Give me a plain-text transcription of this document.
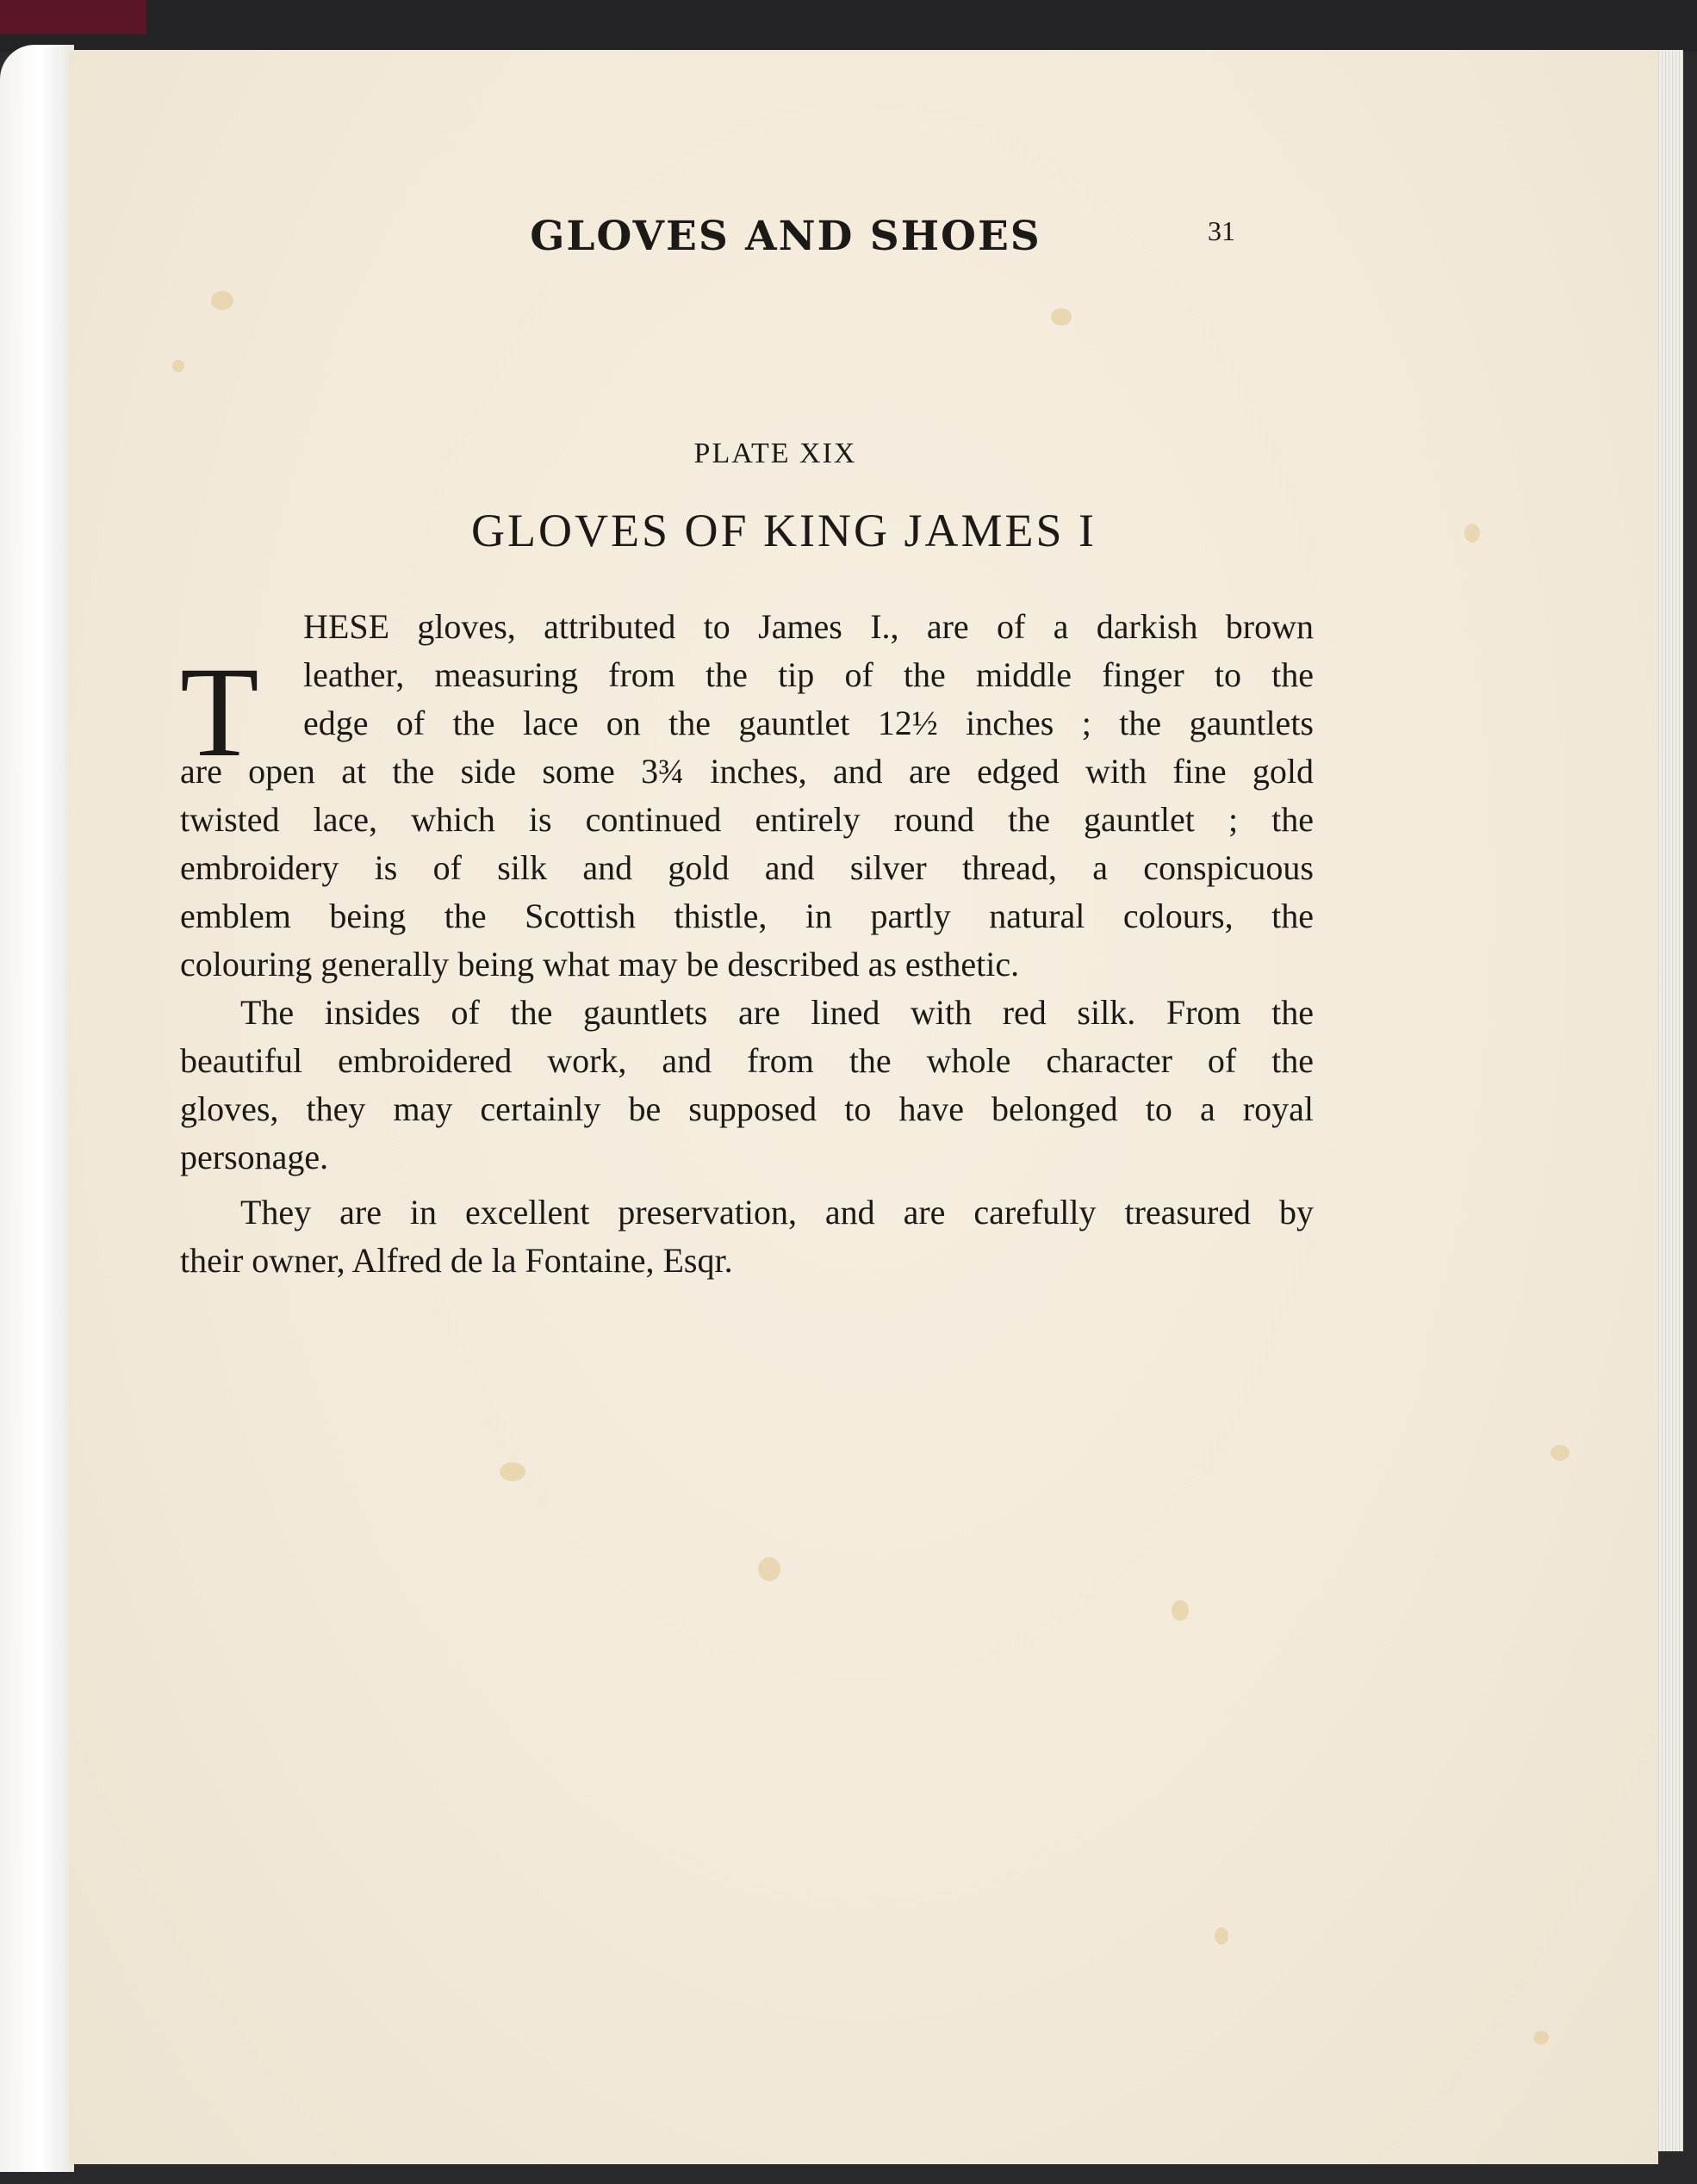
GLOVES AND SHOES	31
PLATE XIX
GLOVES OF KING JAMES I
T
HESE gloves, attributed to James I., are of a darkish brown
leather, measuring from the tip of the middle finger to the
edge of the lace on the gauntlet 12½ inches ; the gauntlets
are open at the side some 3¾ inches, and are edged with fine gold
twisted lace, which is continued entirely round the gauntlet ; the
embroidery is of silk and gold and silver thread, a conspicuous
emblem being the Scottish thistle, in partly natural colours, the
colouring generally being what may be described as esthetic.
The insides of the gauntlets are lined with red silk. From the
beautiful embroidered work, and from the whole character of the
gloves, they may certainly be supposed to have belonged to a royal
personage.
They are in excellent preservation, and are carefully treasured by
their owner, Alfred de la Fontaine, Esqr.
